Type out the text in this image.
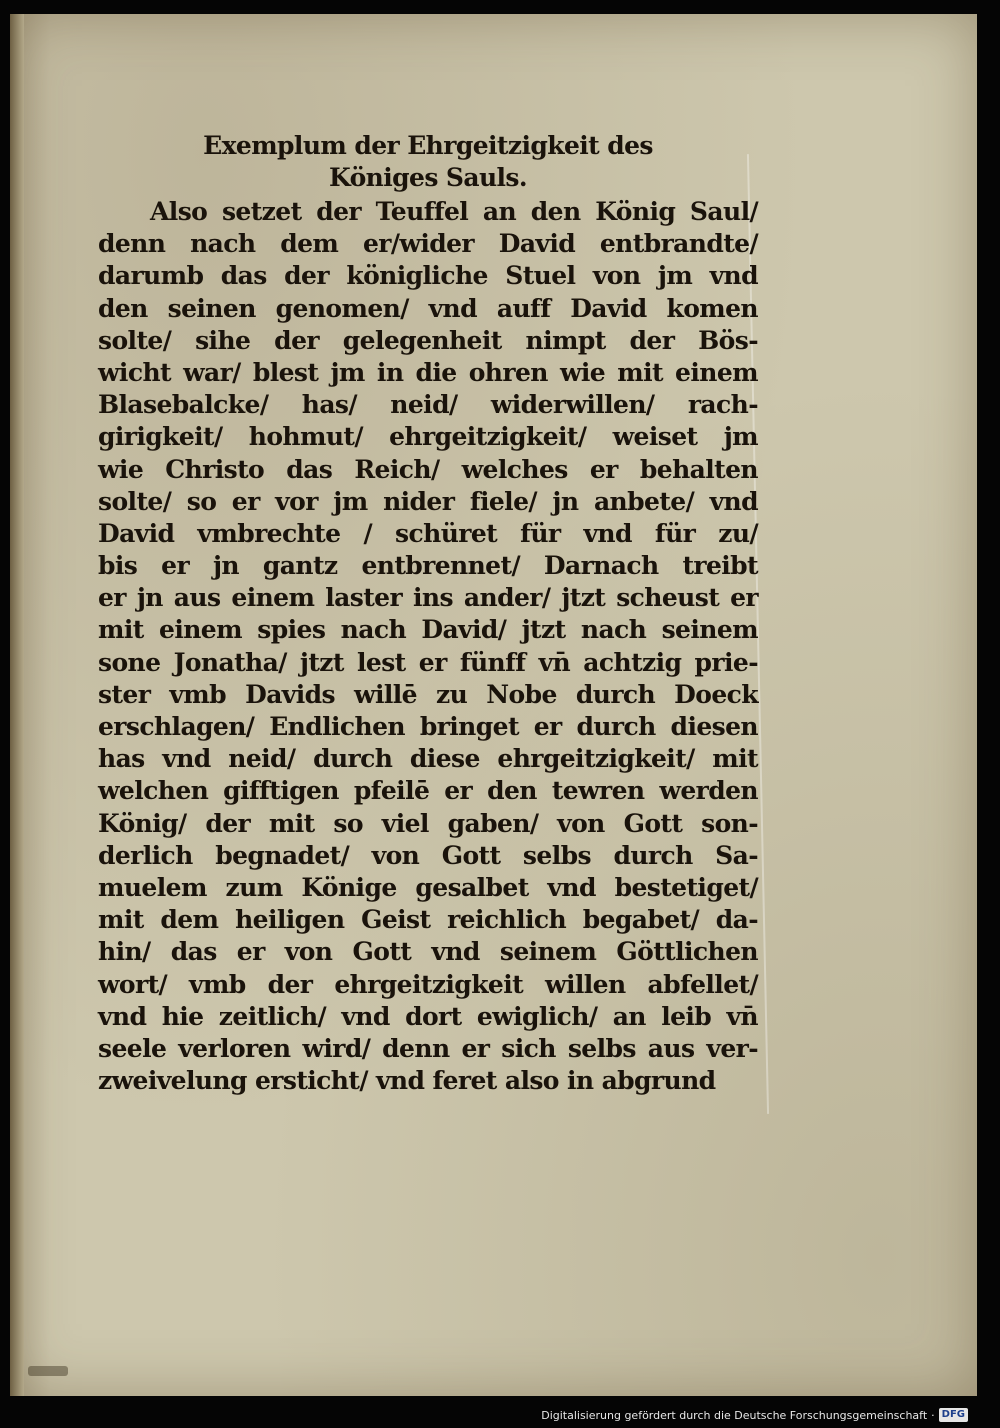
Exemplum der Ehrgeitzigkeit des
Königes Sauls.
Also setzet der Teuffel an den König Saul/
denn nach dem er/wider David entbrandte/
darumb das der königliche Stuel von jm vnd
den seinen genomen/ vnd auff David komen
solte/ sihe der gelegenheit nimpt der Bös-
wicht war/ blest jm in die ohren wie mit einem
Blasebalcke/ has/ neid/ widerwillen/ rach-
girigkeit/ hohmut/ ehrgeitzigkeit/ weiset jm
wie Christo das Reich/ welches er behalten
solte/ so er vor jm nider fiele/ jn anbete/ vnd
David vmbrechte / schüret für vnd für zu/
bis er jn gantz entbrennet/ Darnach treibt
er jn aus einem laster ins ander/ jtzt scheust er
mit einem spies nach David/ jtzt nach seinem
sone Jonatha/ jtzt lest er fünff vn̄ achtzig prie-
ster vmb Davids willē zu Nobe durch Doeck
erschlagen/ Endlichen bringet er durch diesen
has vnd neid/ durch diese ehrgeitzigkeit/ mit
welchen gifftigen pfeilē er den tewren werden
König/ der mit so viel gaben/ von Gott son-
derlich begnadet/ von Gott selbs durch Sa-
muelem zum Könige gesalbet vnd bestetiget/
mit dem heiligen Geist reichlich begabet/ da-
hin/ das er von Gott vnd seinem Göttlichen
wort/ vmb der ehrgeitzigkeit willen abfellet/
vnd hie zeitlich/ vnd dort ewiglich/ an leib vn̄
seele verloren wird/ denn er sich selbs aus ver-
zweivelung ersticht/ vnd feret also in abgrund
Digitalisierung gefördert durch die Deutsche Forschungsgemeinschaft · DFG
